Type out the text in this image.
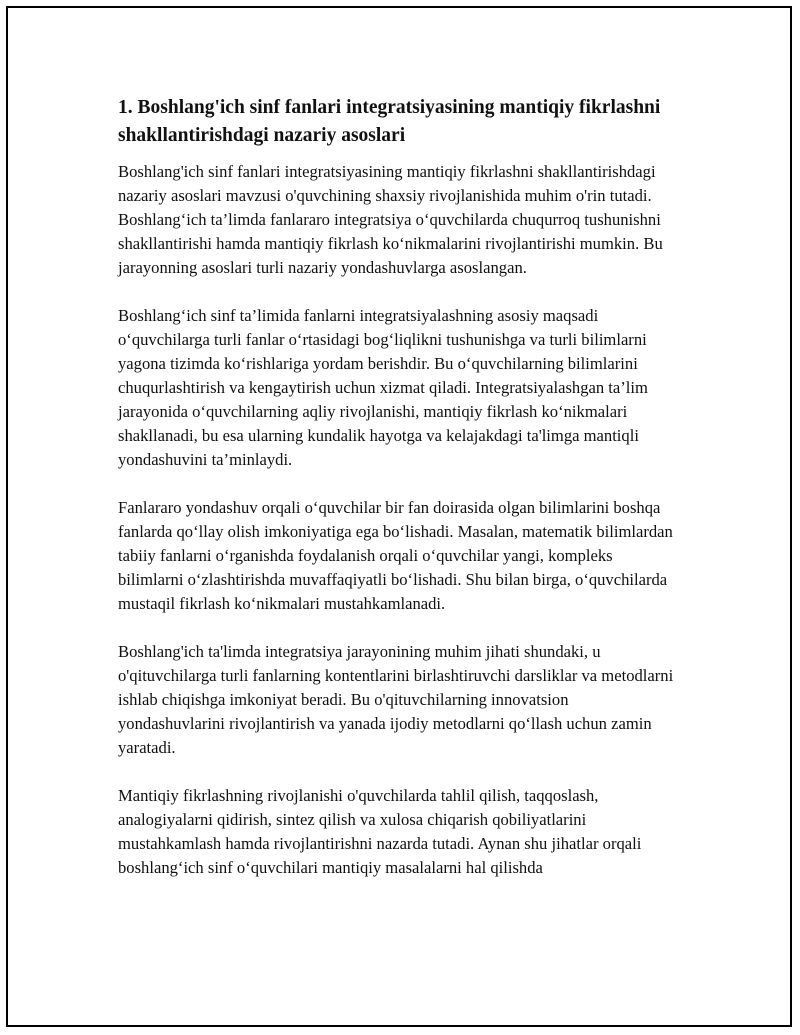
1. Boshlang'ich sinf fanlari integratsiyasining mantiqiy fikrlashni shakllantirishdagi nazariy asoslari

Boshlang'ich sinf fanlari integratsiyasining mantiqiy fikrlashni shakllantirishdagi nazariy asoslari mavzusi o'quvchining shaxsiy rivojlanishida muhim o'rin tutadi. Boshlang‘ich ta’limda fanlararo integratsiya o‘quvchilarda chuqurroq tushunishni shakllantirishi hamda mantiqiy fikrlash ko‘nikmalarini rivojlantirishi mumkin. Bu jarayonning asoslari turli nazariy yondashuvlarga asoslangan.

Boshlang‘ich sinf ta’limida fanlarni integratsiyalashning asosiy maqsadi o‘quvchilarga turli fanlar o‘rtasidagi bog‘liqlikni tushunishga va turli bilimlarni yagona tizimda ko‘rishlariga yordam berishdir. Bu o‘quvchilarning bilimlarini chuqurlashtirish va kengaytirish uchun xizmat qiladi. Integratsiyalashgan ta’lim jarayonida o‘quvchilarning aqliy rivojlanishi, mantiqiy fikrlash ko‘nikmalari shakllanadi, bu esa ularning kundalik hayotga va kelajakdagi ta'limga mantiqli yondashuvini ta’minlaydi.

Fanlararo yondashuv orqali o‘quvchilar bir fan doirasida olgan bilimlarini boshqa fanlarda qo‘llay olish imkoniyatiga ega bo‘lishadi. Masalan, matematik bilimlardan tabiiy fanlarni o‘rganishda foydalanish orqali o‘quvchilar yangi, kompleks bilimlarni o‘zlashtirishda muvaffaqiyatli bo‘lishadi. Shu bilan birga, o‘quvchilarda mustaqil fikrlash ko‘nikmalari mustahkamlanadi.

Boshlang'ich ta'limda integratsiya jarayonining muhim jihati shundaki, u o'qituvchilarga turli fanlarning kontentlarini birlashtiruvchi darsliklar va metodlarni ishlab chiqishga imkoniyat beradi. Bu o'qituvchilarning innovatsion yondashuvlarini rivojlantirish va yanada ijodiy metodlarni qo‘llash uchun zamin yaratadi.

Mantiqiy fikrlashning rivojlanishi o'quvchilarda tahlil qilish, taqqoslash, analogiyalarni qidirish, sintez qilish va xulosa chiqarish qobiliyatlarini mustahkamlash hamda rivojlantirishni nazarda tutadi. Aynan shu jihatlar orqali boshlang‘ich sinf o‘quvchilari mantiqiy masalalarni hal qilishda
